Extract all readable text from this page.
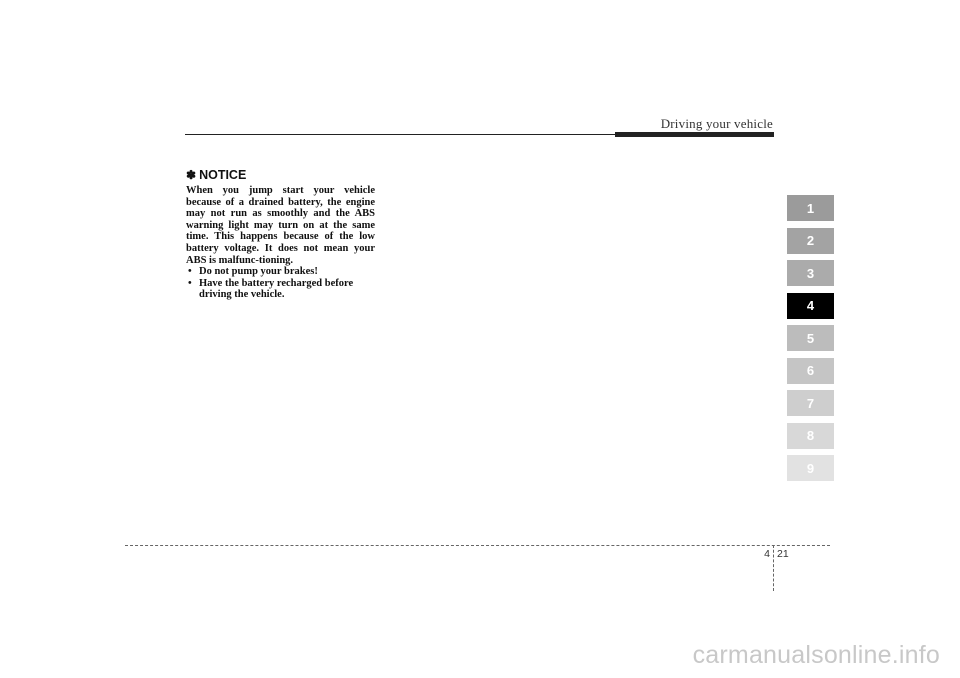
Driving your vehicle
✽ NOTICE

When you jump start your vehicle because of a drained battery, the engine may not run as smoothly and the ABS warning light may turn on at the same time. This happens because of the low battery voltage. It does not mean your ABS is malfunc-tioning.

• Do not pump your brakes!
• Have the battery recharged before driving the vehicle.
1
2
3
4
5
6
7
8
9
4 21
carmanualsonline.info
